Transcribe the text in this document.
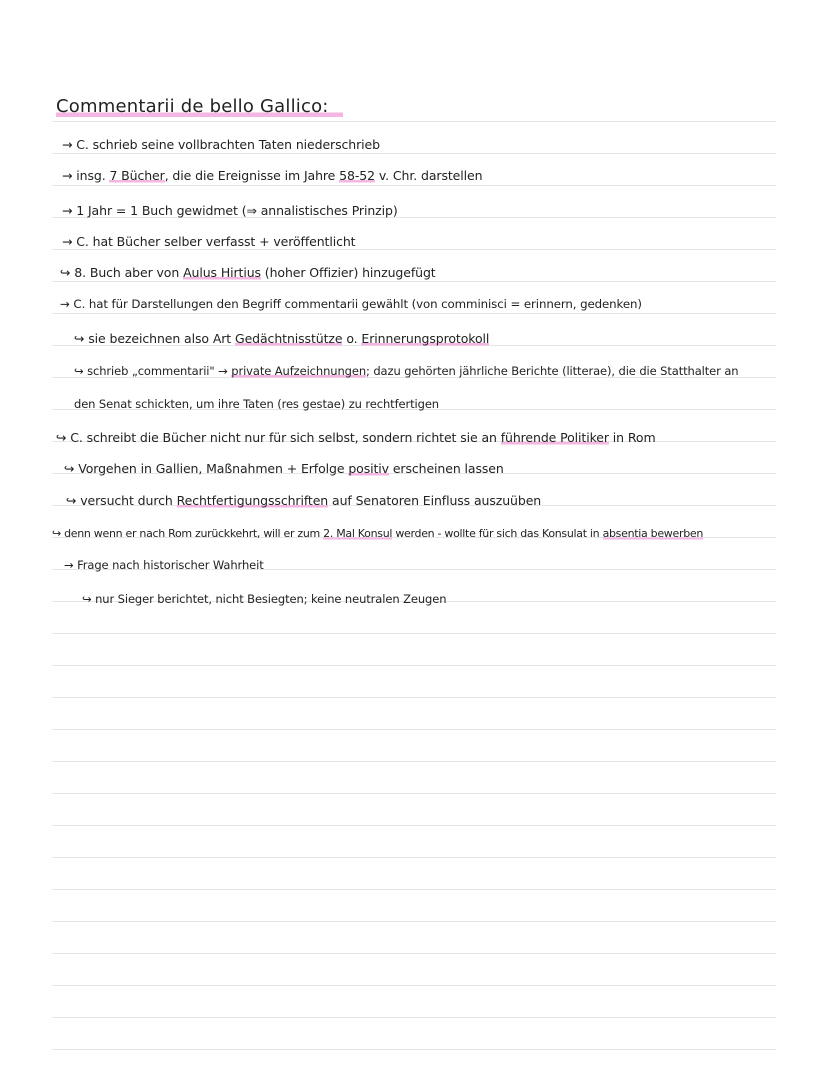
Commentarii de bello Gallico:
→ C. schrieb seine vollbrachten Taten niederschrieb
→ insg. 7 Bücher, die die Ereignisse im Jahre 58-52 v. Chr. darstellen
→ 1 Jahr = 1 Buch gewidmet (⇒ annalistisches Prinzip)
→ C. hat Bücher selber verfasst + veröffentlicht
↪ 8. Buch aber von Aulus Hirtius (hoher Offizier) hinzugefügt
→ C. hat für Darstellungen den Begriff commentarii gewählt (von comminisci = erinnern, gedenken)
↪ sie bezeichnen also Art Gedächtnisstütze o. Erinnerungsprotokoll
↪ schrieb „commentarii" → private Aufzeichnungen; dazu gehörten jährliche Berichte (litterae), die die Statthalter an
den Senat schickten, um ihre Taten (res gestae) zu rechtfertigen
↪ C. schreibt die Bücher nicht nur für sich selbst, sondern richtet sie an führende Politiker in Rom
↪ Vorgehen in Gallien, Maßnahmen + Erfolge positiv erscheinen lassen
↪ versucht durch Rechtfertigungsschriften auf Senatoren Einfluss auszuüben
↪ denn wenn er nach Rom zurückkehrt, will er zum 2. Mal Konsul werden - wollte für sich das Konsulat in absentia bewerben
→ Frage nach historischer Wahrheit
↪ nur Sieger berichtet, nicht Besiegten; keine neutralen Zeugen
